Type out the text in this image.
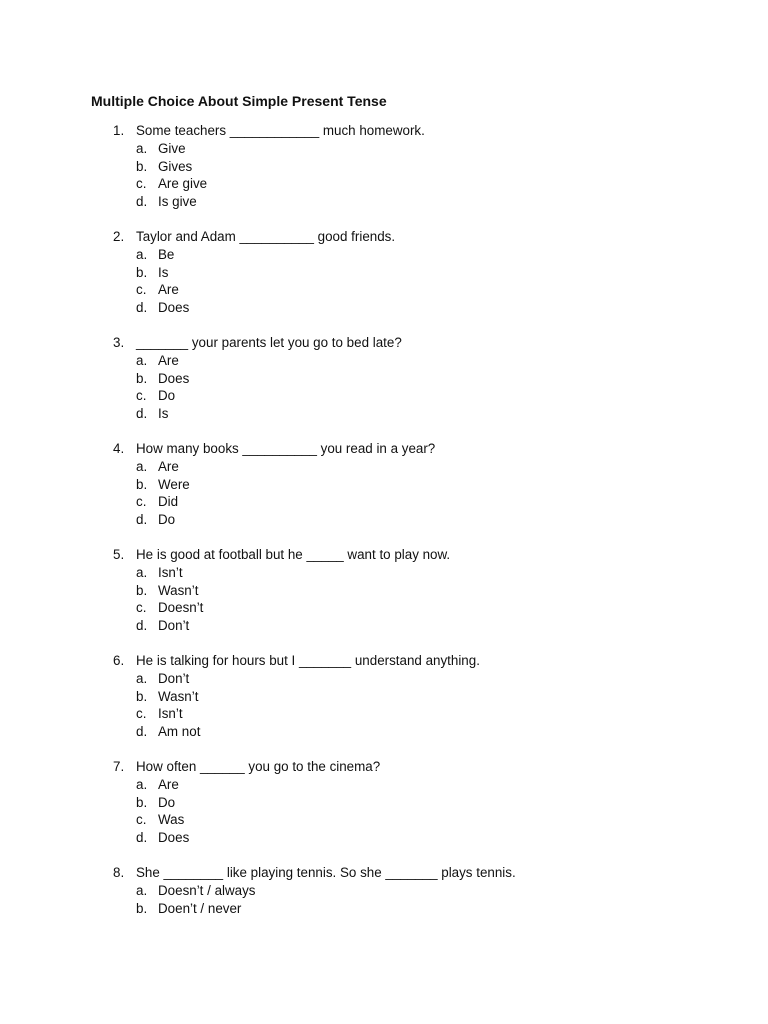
Multiple Choice About Simple Present Tense
1. Some teachers ____________ much homework.
a. Give
b. Gives
c. Are give
d. Is give
2. Taylor and Adam __________ good friends.
a. Be
b. Is
c. Are
d. Does
3. _______ your parents let you go to bed late?
a. Are
b. Does
c. Do
d. Is
4. How many books __________ you read in a year?
a. Are
b. Were
c. Did
d. Do
5. He is good at football but he _____ want to play now.
a. Isn’t
b. Wasn’t
c. Doesn’t
d. Don’t
6. He is talking for hours but I _______ understand anything.
a. Don’t
b. Wasn’t
c. Isn’t
d. Am not
7. How often ______ you go to the cinema?
a. Are
b. Do
c. Was
d. Does
8. She ________ like playing tennis. So she _______ plays tennis.
a. Doesn’t / always
b. Doen’t / never
